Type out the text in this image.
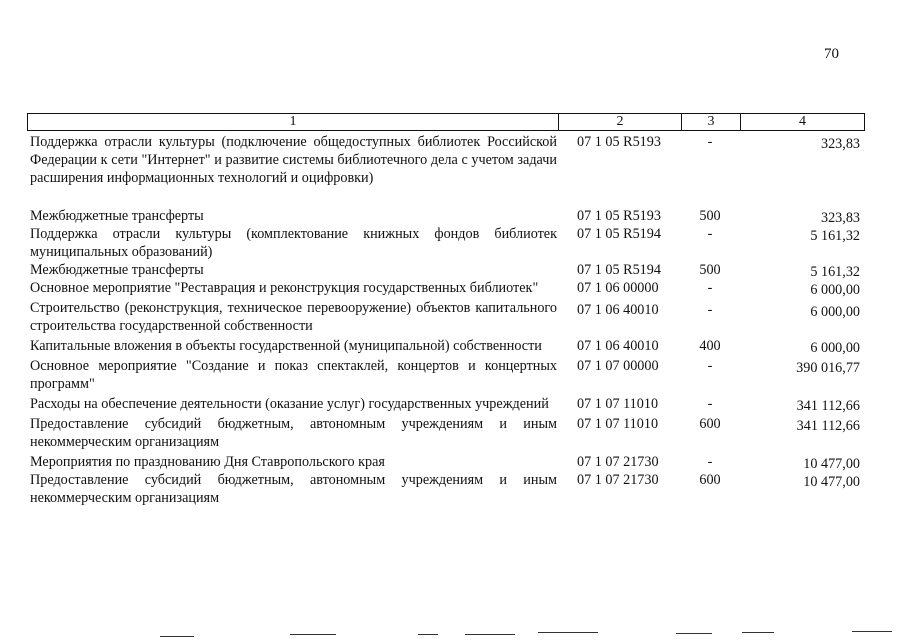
70
1	2	3	4
Поддержка отрасли культуры (подключение общедоступных библиотек Российской Федерации к сети "Интернет" и развитие системы библиотечного дела с учетом задачи расширения информационных технологий и оцифровки)
07 1 05 R5193	-	323,83
Межбюджетные трансферты	07 1 05 R5193	500	323,83
Поддержка отрасли культуры (комплектование книжных фондов библиотек муниципальных образований)
07 1 05 R5194	-	5 161,32
Межбюджетные трансферты	07 1 05 R5194	500	5 161,32
Основное мероприятие "Реставрация и реконструкция государственных библиотек"	07 1 06 00000	-	6 000,00
Строительство (реконструкция, техническое перевооружение) объектов капитального строительства государственной собственности
07 1 06 40010	-	6 000,00
Капитальные вложения в объекты государственной (муниципальной) собственности	07 1 06 40010	400	6 000,00
Основное мероприятие "Создание и показ спектаклей, концертов и концертных программ"
07 1 07 00000	-	390 016,77
Расходы на обеспечение деятельности (оказание услуг) государственных учреждений	07 1 07 11010	-	341 112,66
Предоставление субсидий бюджетным, автономным учреждениям и иным некоммерческим организациям
07 1 07 11010	600	341 112,66
Мероприятия по празднованию Дня Ставропольского края	07 1 07 21730	-	10 477,00
Предоставление субсидий бюджетным, автономным учреждениям и иным некоммерческим организациям
07 1 07 21730	600	10 477,00
